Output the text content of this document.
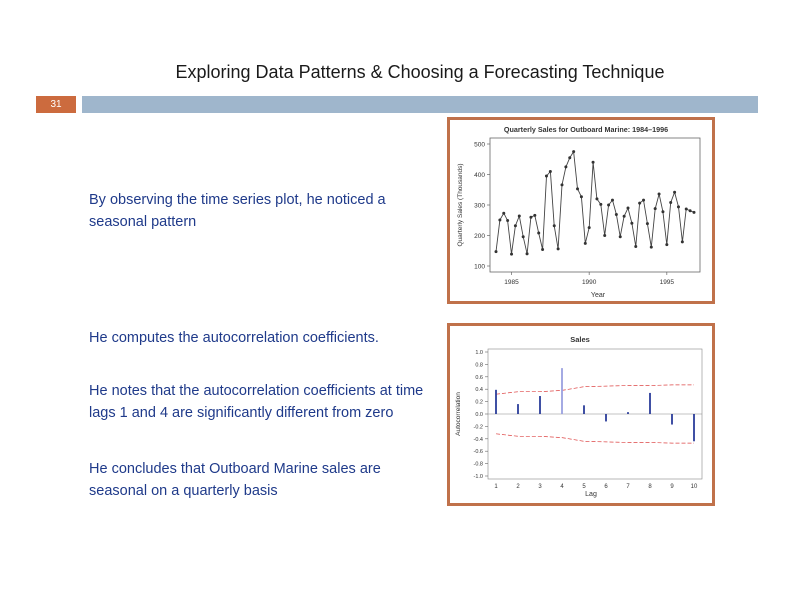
Exploring Data Patterns & Choosing a Forecasting Technique
31

By observing the time series plot, he noticed a seasonal pattern

He computes the autocorrelation coefficients.

He notes that the autocorrelation coefficients at time lags 1 and 4 are significantly different from zero

He concludes that Outboard Marine sales are seasonal on a quarterly basis

Quarterly Sales for Outboard Marine: 1984–1996
Quarterly Sales (Thousands)
Year
100
200
300
400
500
1985	1990	1995
Sales
Autocorrelation
Lag
1.0
0.8
0.6
0.4
0.2
0.0
-0.2
-0.4
-0.6
-0.8
-1.0
1	2	3	4	5	6	7	8	9	10
